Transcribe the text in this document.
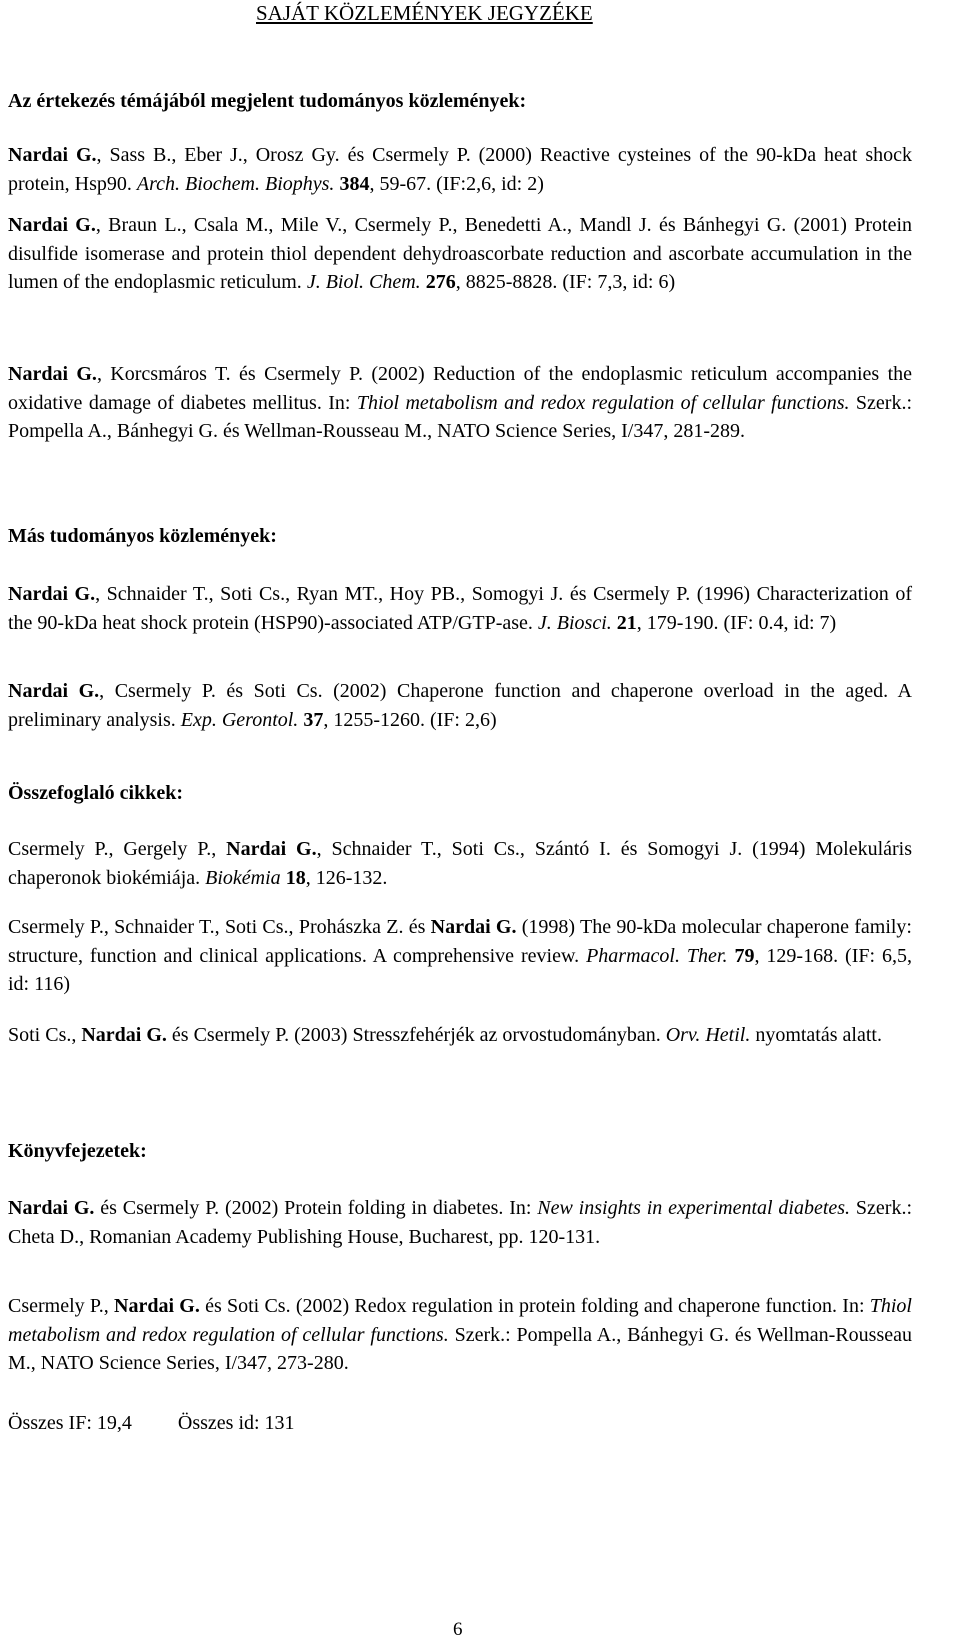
SAJÁT KÖZLEMÉNYEK JEGYZÉKE
Az értekezés témájából megjelent tudományos közlemények:
Nardai G., Sass B., Eber J., Orosz Gy. és Csermely P. (2000) Reactive cysteines of the 90-kDa heat shock protein, Hsp90. Arch. Biochem. Biophys. 384, 59-67. (IF:2,6, id: 2)
Nardai G., Braun L., Csala M., Mile V., Csermely P., Benedetti A., Mandl J. és Bánhegyi G. (2001) Protein disulfide isomerase and protein thiol dependent dehydroascorbate reduction and ascorbate accumulation in the lumen of the endoplasmic reticulum. J. Biol. Chem. 276, 8825-8828. (IF: 7,3, id: 6)
Nardai G., Korcsmáros T. és Csermely P. (2002) Reduction of the endoplasmic reticulum accompanies the oxidative damage of diabetes mellitus. In: Thiol metabolism and redox regulation of cellular functions. Szerk.: Pompella A., Bánhegyi G. és Wellman-Rousseau M., NATO Science Series, I/347, 281-289.
Más tudományos közlemények:
Nardai G., Schnaider T., Soti Cs., Ryan MT., Hoy PB., Somogyi J. és Csermely P. (1996) Characterization of the 90-kDa heat shock protein (HSP90)-associated ATP/GTP-ase. J. Biosci. 21, 179-190. (IF: 0.4, id: 7)
Nardai G., Csermely P. és Soti Cs. (2002) Chaperone function and chaperone overload in the aged. A preliminary analysis. Exp. Gerontol. 37, 1255-1260. (IF: 2,6)
Összefoglaló cikkek:
Csermely P., Gergely P., Nardai G., Schnaider T., Soti Cs., Szántó I. és Somogyi J. (1994) Molekuláris chaperonok biokémiája. Biokémia 18, 126-132.
Csermely P., Schnaider T., Soti Cs., Prohászka Z. és Nardai G. (1998) The 90-kDa molecular chaperone family: structure, function and clinical applications. A comprehensive review. Pharmacol. Ther. 79, 129-168. (IF: 6,5, id: 116)
Soti Cs., Nardai G. és Csermely P. (2003) Stresszfehérjék az orvostudományban. Orv. Hetil. nyomtatás alatt.
Könyvfejezetek:
Nardai G. és Csermely P. (2002) Protein folding in diabetes. In: New insights in experimental diabetes. Szerk.: Cheta D., Romanian Academy Publishing House, Bucharest, pp. 120-131.
Csermely P., Nardai G. és Soti Cs. (2002) Redox regulation in protein folding and chaperone function. In: Thiol metabolism and redox regulation of cellular functions. Szerk.: Pompella A., Bánhegyi G. és Wellman-Rousseau M., NATO Science Series, I/347, 273-280.
Összes IF: 19,4 Összes id: 131
6
